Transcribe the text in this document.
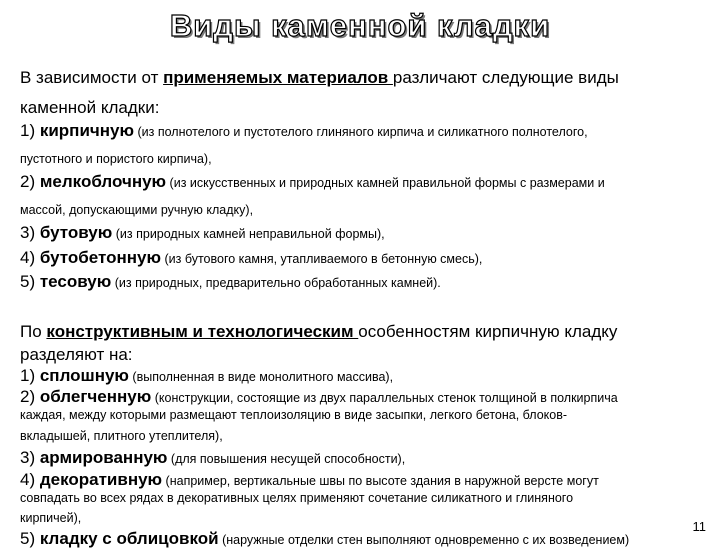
Виды каменной кладки
В зависимости от применяемых материалов различают следующие виды
каменной кладки:
1) кирпичную (из полнотелого и пустотелого глиняного кирпича и силикатного полнотелого,
пустотного и пористого кирпича),
2) мелкоблочную (из искусственных и природных камней правильной формы с размерами и
массой, допускающими ручную кладку),
3) бутовую (из природных камней неправильной формы),
4) бутобетонную (из бутового камня, утапливаемого в бетонную смесь),
5) тесовую (из природных, предварительно обработанных камней).
По конструктивным и технологическим особенностям кирпичную кладку
разделяют на:
1) сплошную (выполненная в виде монолитного массива),
2) облегченную (конструкции, состоящие из двух параллельных стенок толщиной в полкирпича
каждая, между которыми размещают теплоизоляцию в виде засыпки, легкого бетона, блоков-
вкладышей, плитного утеплителя),
3) армированную (для повышения несущей способности),
4) декоративную (например, вертикальные швы по высоте здания в наружной версте могут
совпадать во всех рядах в декоративных целях применяют сочетание силикатного и глиняного
кирпичей),
5) кладку с облицовкой (наружные отделки стен выполняют одновременно с их возведением)
11
